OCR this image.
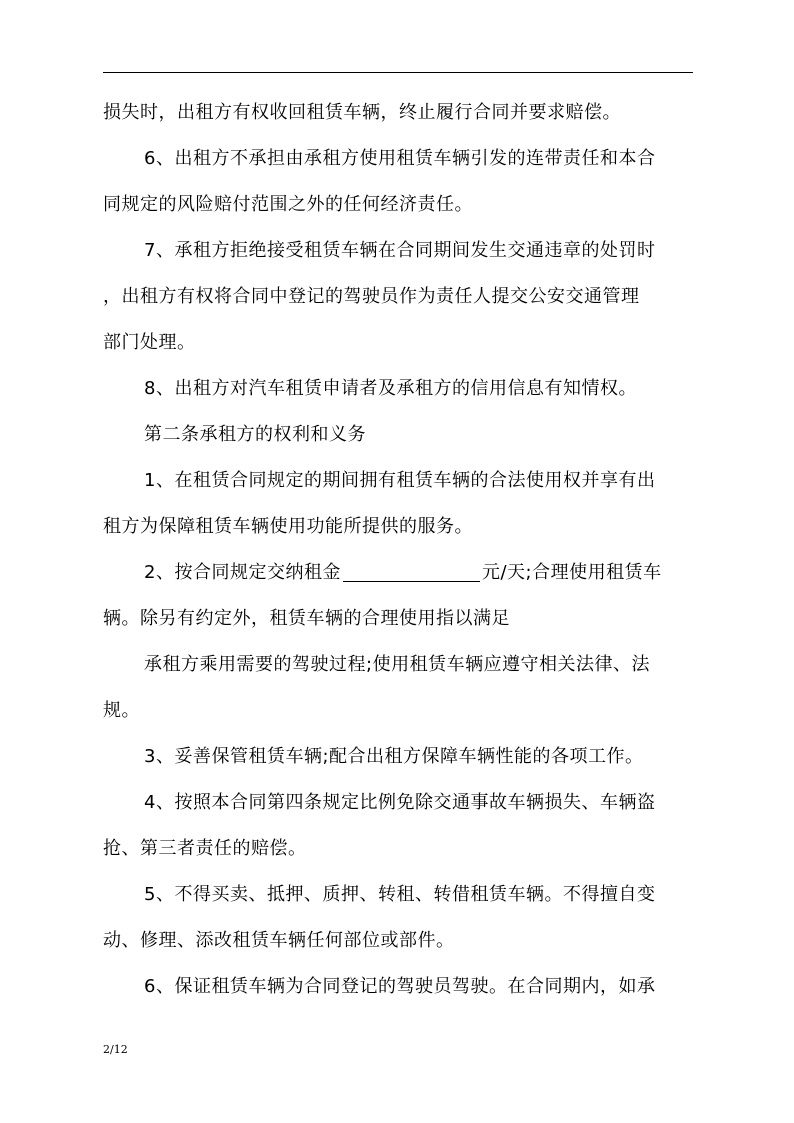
损失时，出租方有权收回租赁车辆，终止履行合同并要求赔偿。
6、出租方不承担由承租方使用租赁车辆引发的连带责任和本合
同规定的风险赔付范围之外的任何经济责任。
7、承租方拒绝接受租赁车辆在合同期间发生交通违章的处罚时
，出租方有权将合同中登记的驾驶员作为责任人提交公安交通管理
部门处理。
8、出租方对汽车租赁申请者及承租方的信用信息有知情权。
第二条承租方的权利和义务
1、在租赁合同规定的期间拥有租赁车辆的合法使用权并享有出
租方为保障租赁车辆使用功能所提供的服务。
2、按合同规定交纳租金	元/天;合理使用租赁车
辆。除另有约定外，租赁车辆的合理使用指以满足
承租方乘用需要的驾驶过程;使用租赁车辆应遵守相关法律、法
规。
3、妥善保管租赁车辆;配合出租方保障车辆性能的各项工作。
4、按照本合同第四条规定比例免除交通事故车辆损失、车辆盗
抢、第三者责任的赔偿。
5、不得买卖、抵押、质押、转租、转借租赁车辆。不得擅自变
动、修理、添改租赁车辆任何部位或部件。
6、保证租赁车辆为合同登记的驾驶员驾驶。在合同期内，如承
2/12
